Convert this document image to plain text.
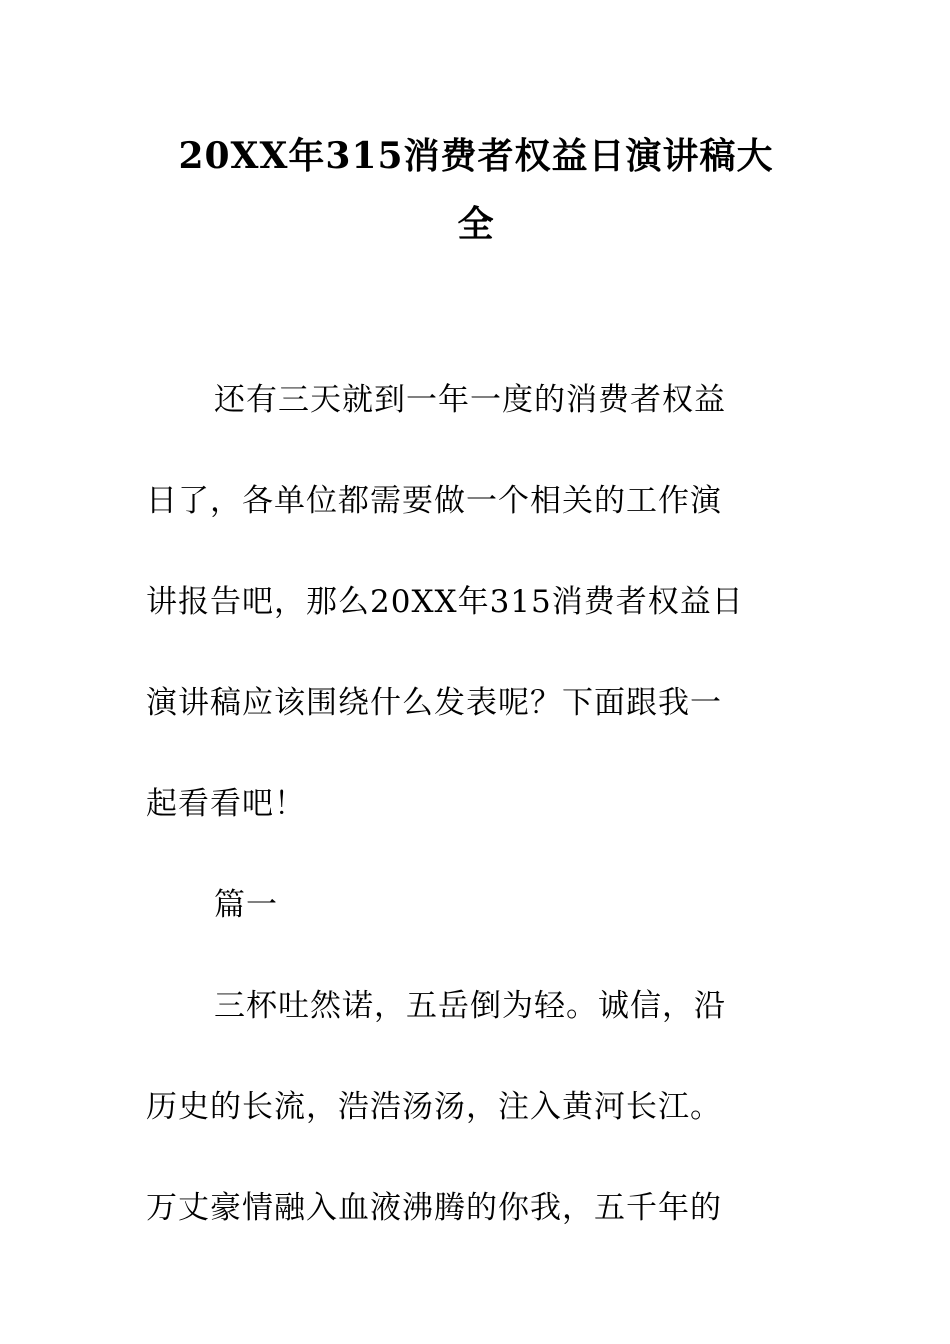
20XX年315消费者权益日演讲稿大
全
还有三天就到一年一度的消费者权益
日了，各单位都需要做一个相关的工作演
讲报告吧，那么20XX年315消费者权益日
演讲稿应该围绕什么发表呢？下面跟我一
起看看吧！
篇一
三杯吐然诺，五岳倒为轻。诚信，沿
历史的长流，浩浩汤汤，注入黄河长江。
万丈豪情融入血液沸腾的你我，五千年的
